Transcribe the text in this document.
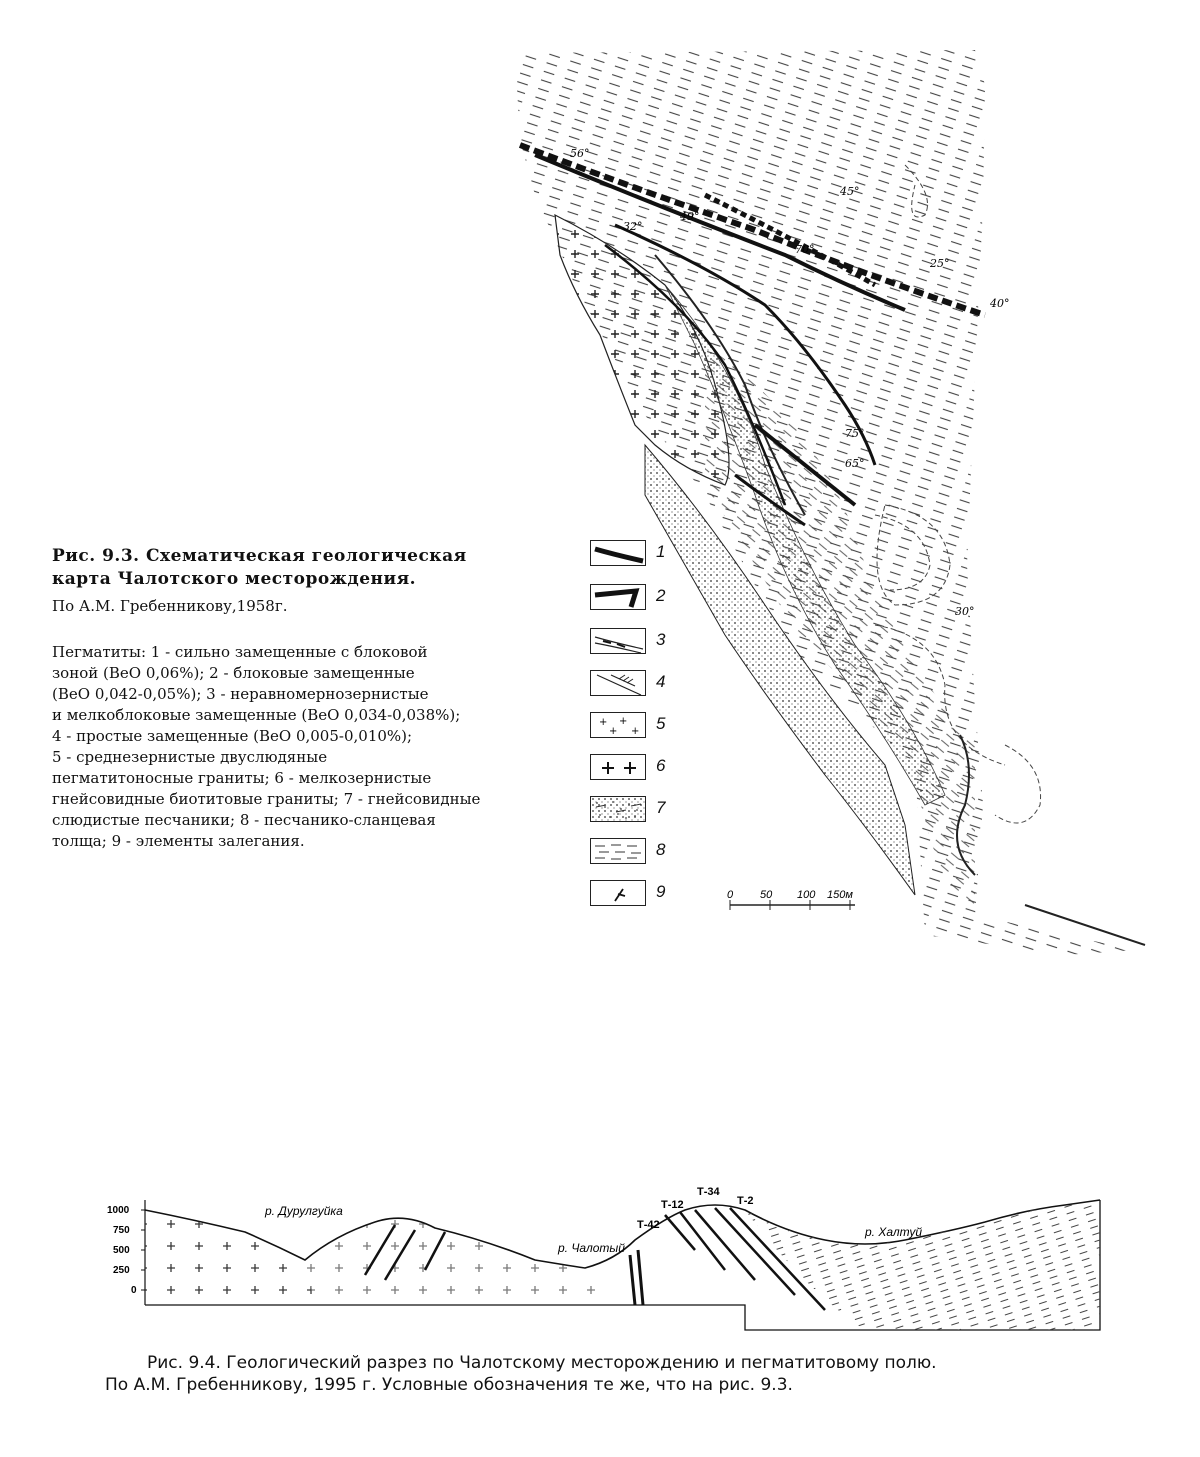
56°
45°
49°
32°
70°
25°
40°
75°
65°
30°
0 50 100 150м
Рис. 9.3. Схематическая геологическая
карта Чалотского месторождения.
По А.М. Гребенникову,1958г.
Пегматиты: 1 - сильно замещенные с блоковой
зоной (ВеО 0,06%); 2 - блоковые замещенные
(ВеО 0,042-0,05%); 3 - неравномернозернистые
и мелкоблоковые замещенные (ВеО 0,034-0,038%);
4 - простые замещенные (ВеО 0,005-0,010%);
5 - среднезернистые двуслюдяные
пегматитоносные граниты; 6 - мелкозернистые
гнейсовидные биотитовые граниты; 7 - гнейсовидные
слюдистые песчаники; 8 - песчанико-сланцевая
толща; 9 - элементы залегания.
1
2
3
4
+ +
+ + 5
6
7
8
9
1000
750
500
250
0
р. Дурулгуйка
р. Чалотый
р. Халтуй
Т-42
Т-12
Т-34
Т-2
Рис. 9.4. Геологический разрез по Чалотскому месторождению и пегматитовому полю.
По А.М. Гребенникову, 1995 г. Условные обозначения те же, что на рис. 9.3.
